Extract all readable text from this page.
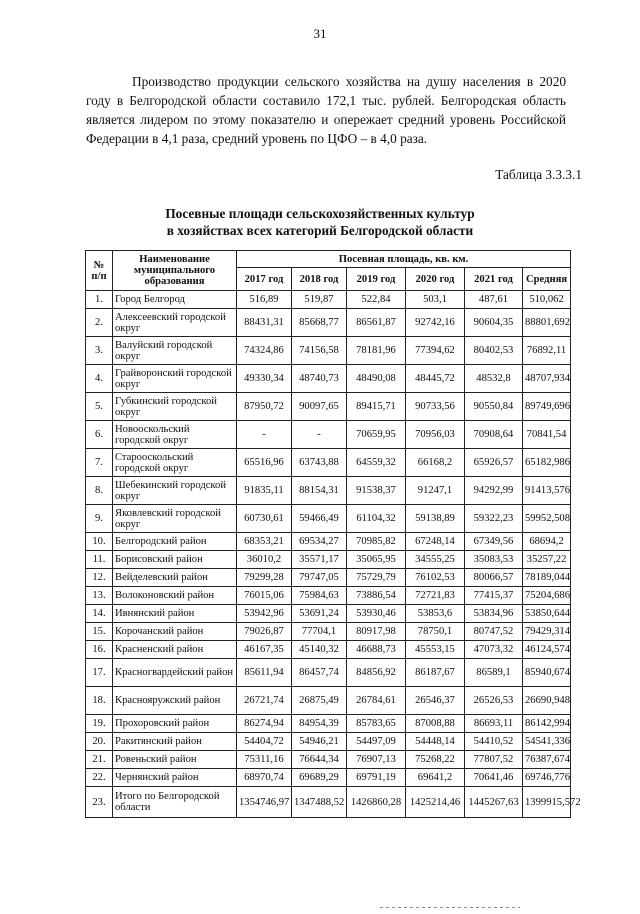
31

Производство продукции сельского хозяйства на душу населения в 2020 году в Белгородской области составило 172,1 тыс. рублей. Белгородская область является лидером по этому показателю и опережает средний уровень Российской Федерации в 4,1 раза, средний уровень по ЦФО – в 4,0 раза.

Таблица 3.3.3.1
Посевные площади сельскохозяйственных культур
в хозяйствах всех категорий Белгородской области
№
п/п	Наименование муниципального образования	Посевная площадь, кв. км.					
		2017 год	2018 год	2019 год	2020 год	2021 год	Средняя
1.	Город Белгород	516,89	519,87	522,84	503,1	487,61	510,062
2.	Алексеевский городской округ	88431,31	85668,77	86561,87	92742,16	90604,35	88801,692
3.	Валуйский городской округ	74324,86	74156,58	78181,96	77394,62	80402,53	76892,11
4.	Грайворонский городской округ	49330,34	48740,73	48490,08	48445,72	48532,8	48707,934
5.	Губкинский городской округ	87950,72	90097,65	89415,71	90733,56	90550,84	89749,696
6.	Новооскольский городской округ	-	-	70659,95	70956,03	70908,64	70841,54
7.	Старооскольский городской округ	65516,96	63743,88	64559,32	66168,2	65926,57	65182,986
8.	Шебекинский городской округ	91835,11	88154,31	91538,37	91247,1	94292,99	91413,576
9.	Яковлевский городской округ	60730,61	59466,49	61104,32	59138,89	59322,23	59952,508
10.	Белгородский район	68353,21	69534,27	70985,82	67248,14	67349,56	68694,2
11.	Борисовский район	36010,2	35571,17	35065,95	34555,25	35083,53	35257,22
12.	Вейделевский район	79299,28	79747,05	75729,79	76102,53	80066,57	78189,044
13.	Волоконовский район	76015,06	75984,63	73886,54	72721,83	77415,37	75204,686
14.	Ивнянский район	53942,96	53691,24	53930,46	53853,6	53834,96	53850,644
15.	Корочанский район	79026,87	77704,1	80917,98	78750,1	80747,52	79429,314
16.	Красненский район	46167,35	45140,32	46688,73	45553,15	47073,32	46124,574
17.	Красногвардейский район	85611,94	86457,74	84856,92	86187,67	86589,1	85940,674
18.	Краснояружский район	26721,74	26875,49	26784,61	26546,37	26526,53	26690,948
19.	Прохоровский район	86274,94	84954,39	85783,65	87008,88	86693,11	86142,994
20.	Ракитянский район	54404,72	54946,21	54497,09	54448,14	54410,52	54541,336
21.	Ровеньский район	75311,16	76644,34	76907,13	75268,22	77807,52	76387,674
22.	Чернянский район	68970,74	69689,29	69791,19	69641,2	70641,46	69746,776
23.	Итого по Белгородской области	1354746,97	1347488,52	1426860,28	1425214,46	1445267,63	1399915,572
